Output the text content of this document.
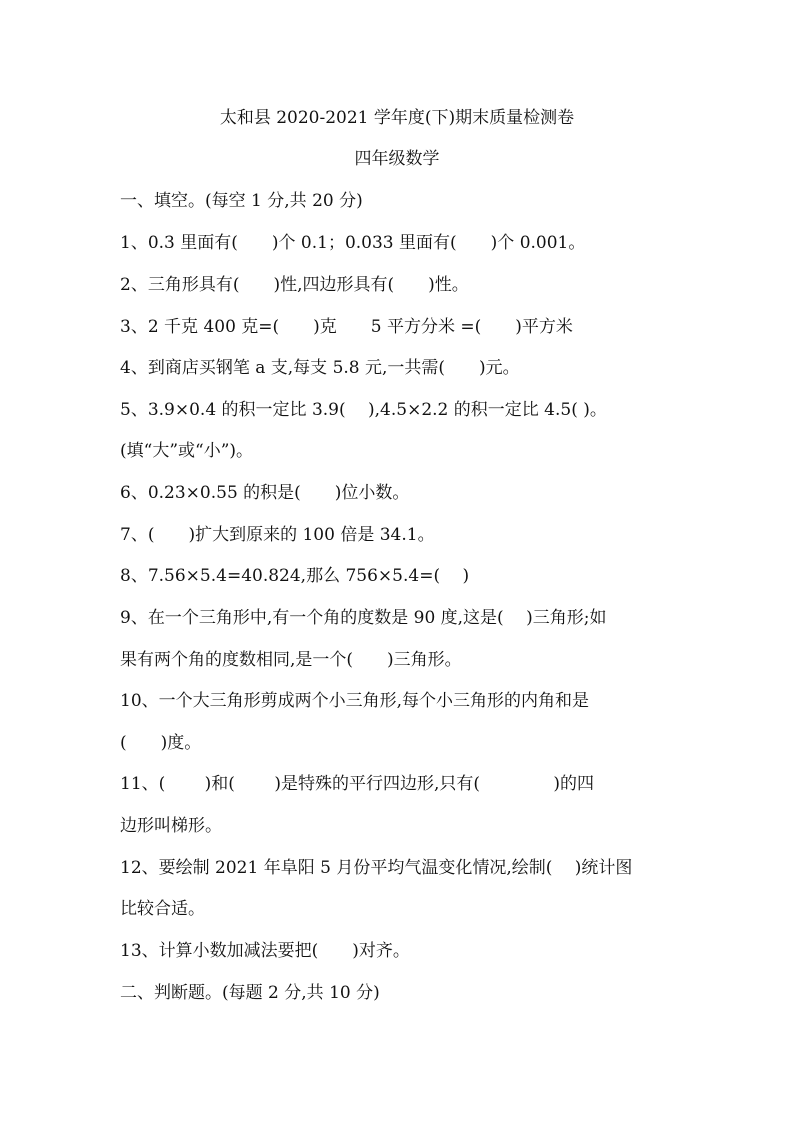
太和县 2020-2021 学年度(下)期末质量检测卷
四年级数学
一、填空。(每空 1 分,共 20 分)
1、0.3 里面有(　　)个 0.1；0.033 里面有(　　)个 0.001。
2、三角形具有(　　)性,四边形具有(　　)性。
3、2 千克 400 克=(　　)克　　5 平方分米 =(　　)平方米
4、到商店买钢笔 a 支,每支 5.8 元,一共需(　　)元。
5、3.9×0.4 的积一定比 3.9(　 ),4.5×2.2 的积一定比 4.5( )。
(填“大”或“小”)。
6、0.23×0.55 的积是(　　)位小数。
7、(　　)扩大到原来的 100 倍是 34.1。
8、7.56×5.4=40.824,那么 756×5.4=(　 )
9、在一个三角形中,有一个角的度数是 90 度,这是(　 )三角形;如
果有两个角的度数相同,是一个(　　)三角形。
10、一个大三角形剪成两个小三角形,每个小三角形的内角和是
(　　)度。
11、(　　 )和(　　 )是特殊的平行四边形,只有(　　　　 )的四
边形叫梯形。
12、要绘制 2021 年阜阳 5 月份平均气温变化情况,绘制(　 )统计图
比较合适。
13、计算小数加减法要把(　　)对齐。
二、判断题。(每题 2 分,共 10 分)
